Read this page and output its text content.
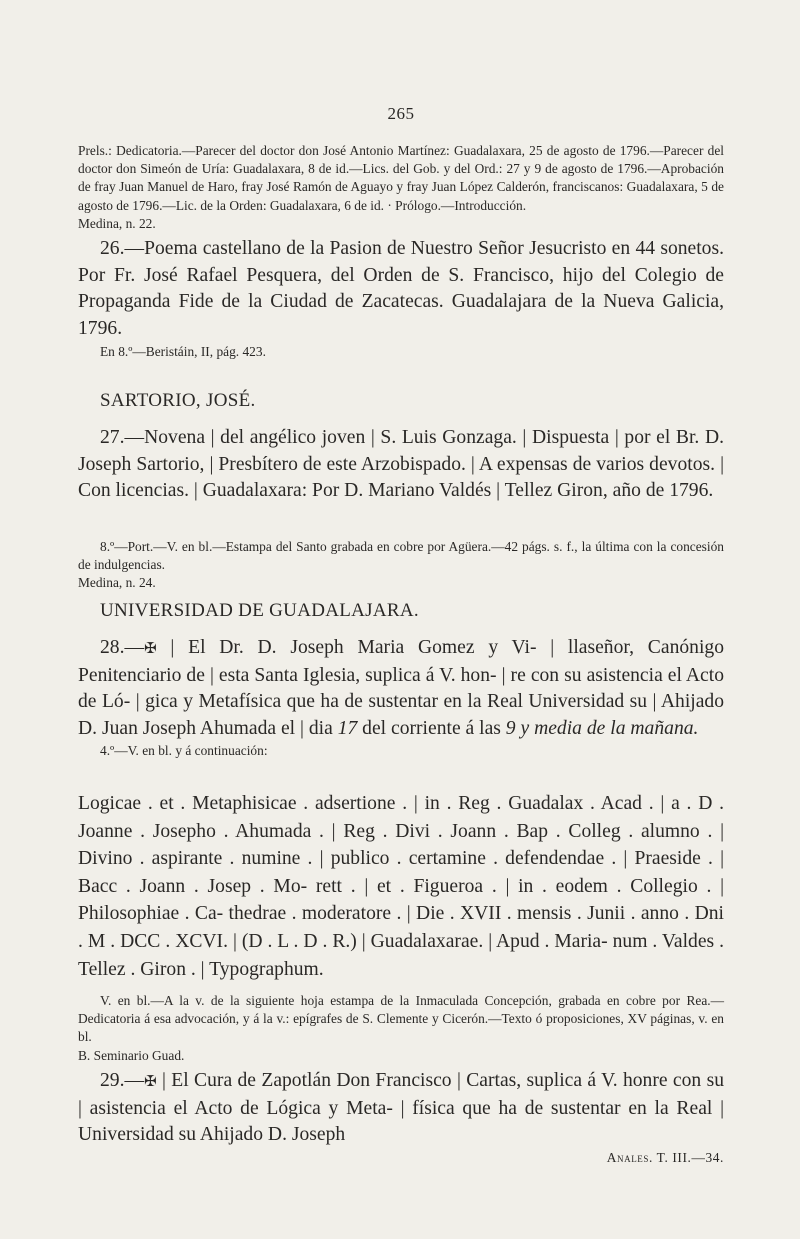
265
Prels.: Dedicatoria.—Parecer del doctor don José Antonio Martínez: Guadalaxara, 25 de agosto de 1796.—Parecer del doctor don Simeón de Uría: Guadalaxara, 8 de id.—Lics. del Gob. y del Ord.: 27 y 9 de agosto de 1796.—Aprobación de fray Juan Manuel de Haro, fray José Ramón de Aguayo y fray Juan López Calderón, franciscanos: Guadalaxara, 5 de agosto de 1796.—Lic. de la Orden: Guadalaxara, 6 de id. · Prólogo.—Introducción.
Medina, n. 22.
26.—Poema castellano de la Pasion de Nuestro Señor Jesucristo en 44 sonetos. Por Fr. José Rafael Pesquera, del Orden de S. Francisco, hijo del Colegio de Propaganda Fide de la Ciudad de Zacatecas. Guadalajara de la Nueva Galicia, 1796.
En 8.º—Beristáin, II, pág. 423.
SARTORIO, JOSÉ.
27.—Novena | del angélico joven | S. Luis Gonzaga. | Dispuesta | por el Br. D. Joseph Sartorio, | Presbítero de este Arzobispado. | A expensas de varios devotos. | Con licencias. | Guadalaxara: Por D. Mariano Valdés | Tellez Giron, año de 1796.
8.º—Port.—V. en bl.—Estampa del Santo grabada en cobre por Agüera.—42 págs. s. f., la última con la concesión de indulgencias.
Medina, n. 24.
UNIVERSIDAD DE GUADALAJARA.
28.—✠ | El Dr. D. Joseph Maria Gomez y Vi- | llaseñor, Canónigo Penitenciario de | esta Santa Iglesia, suplica á V. hon- | re con su asistencia el Acto de Ló- | gica y Metafísica que ha de sustentar en la Real Universidad su | Ahijado D. Juan Joseph Ahumada el | dia 17 del corriente á las 9 y media de la mañana.
4.º—V. en bl. y á continuación:
Logicae . et . Metaphisicae . adsertione . | in . Reg . Guadalax . Acad . | a . D . Joanne . Josepho . Ahumada . | Reg . Divi . Joann . Bap . Colleg . alumno . | Divino . aspirante . numine . | publico . certamine . defendendae . | Praeside . | Bacc . Joann . Josep . Mo- rett . | et . Figueroa . | in . eodem . Collegio . | Philosophiae . Ca- thedrae . moderatore . | Die . XVII . mensis . Junii . anno . Dni . M . DCC . XCVI. | (D . L . D . R.) | Guadalaxarae. | Apud . Maria- num . Valdes . Tellez . Giron . | Typographum.
V. en bl.—A la v. de la siguiente hoja estampa de la Inmaculada Concepción, grabada en cobre por Rea.—Dedicatoria á esa advocación, y á la v.: epígrafes de S. Clemente y Cicerón.—Texto ó proposiciones, XV páginas, v. en bl.
B. Seminario Guad.
29.—✠ | El Cura de Zapotlán Don Francisco | Cartas, suplica á V. honre con su | asistencia el Acto de Lógica y Meta- | física que ha de sustentar en la Real | Universidad su Ahijado D. Joseph
Anales. T. III.—34.
